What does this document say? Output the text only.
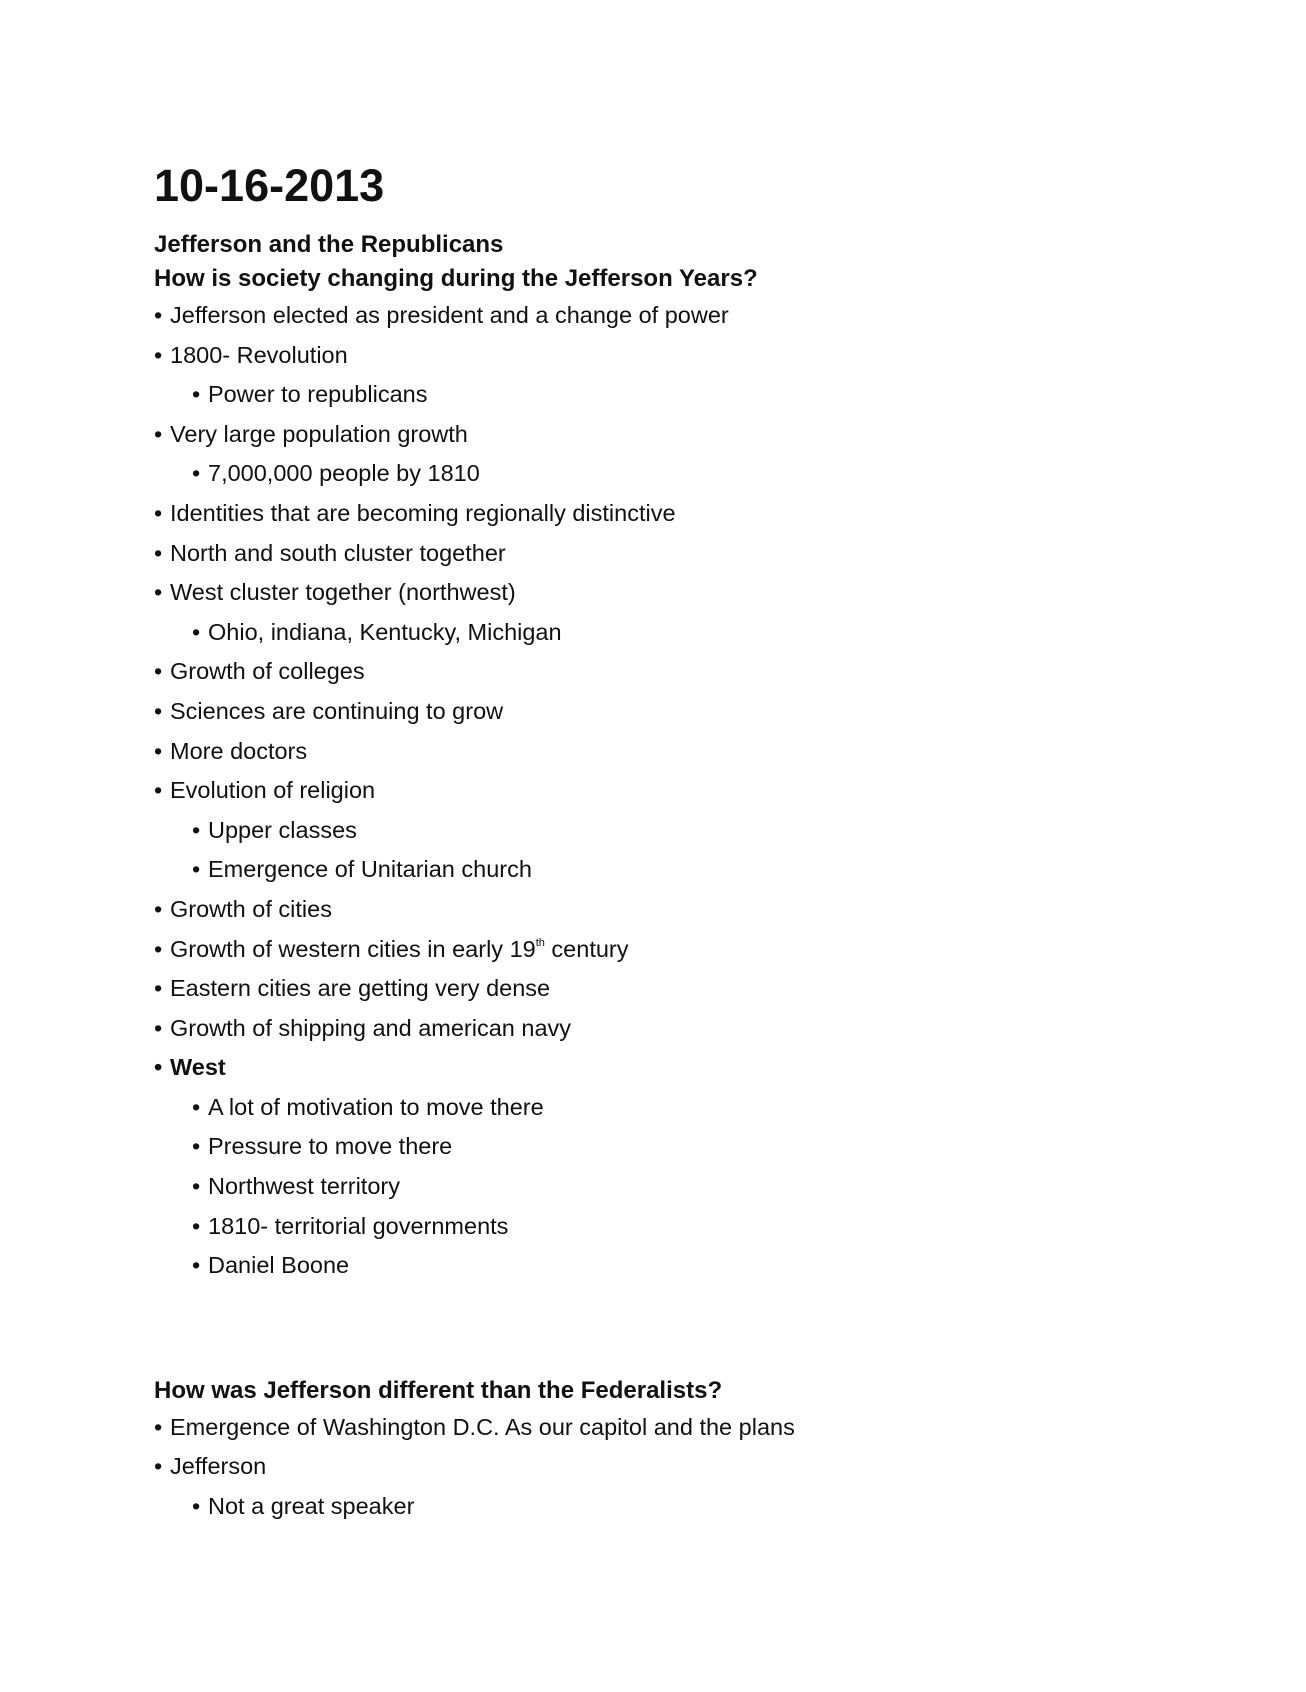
10-16-2013
Jefferson and the Republicans
How is society changing during the Jefferson Years?
• Jefferson elected as president and a change of power
• 1800- Revolution
• Power to republicans
• Very large population growth
• 7,000,000 people by 1810
• Identities that are becoming regionally distinctive
• North and south cluster together
• West cluster together (northwest)
• Ohio, indiana, Kentucky, Michigan
• Growth of colleges
• Sciences are continuing to grow
• More doctors
• Evolution of religion
• Upper classes
• Emergence of Unitarian church
• Growth of cities
• Growth of western cities in early 19th century
• Eastern cities are getting very dense
• Growth of shipping and american navy
• West
• A lot of motivation to move there
• Pressure to move there
• Northwest territory
• 1810- territorial governments
• Daniel Boone
How was Jefferson different than the Federalists?
• Emergence of Washington D.C. As our capitol and the plans
• Jefferson
• Not a great speaker
